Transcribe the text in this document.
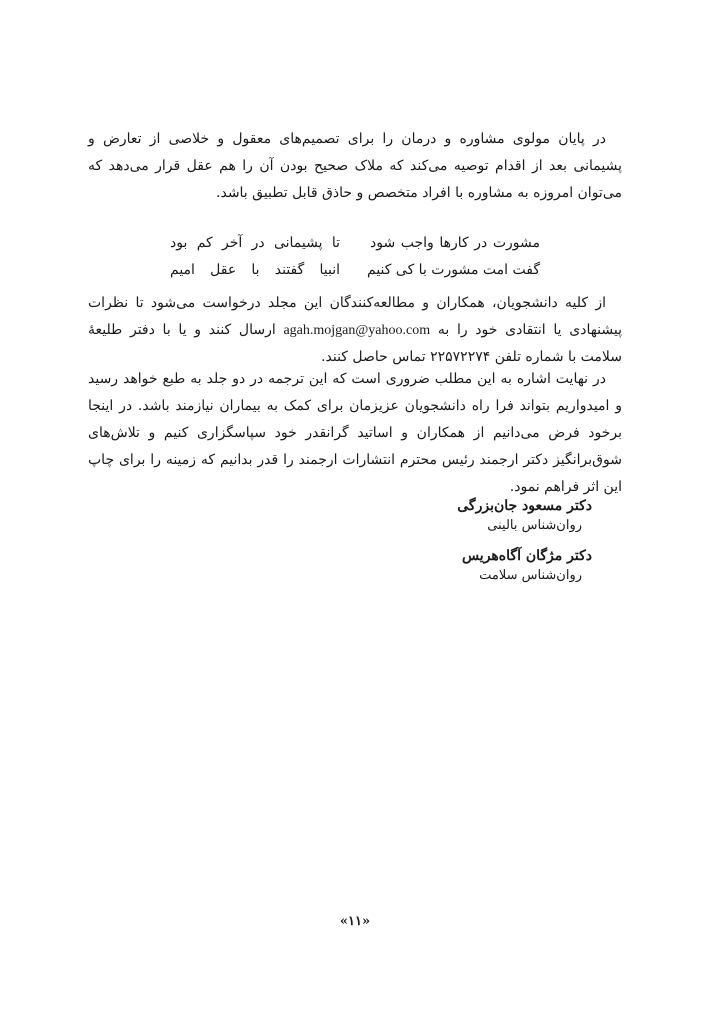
در پایان مولوی مشاوره و درمان را برای تصمیم‌های معقول و خلاصی از تعارض و پشیمانی بعد از اقدام توصیه می‌کند که ملاک صحیح بودن آن را هم عقل قرار می‌دهد که می‌توان امروزه به مشاوره با افراد متخصص و حاذق قابل تطبیق باشد.

مشورت در کارها واجب شود
تا پشیمانی در آخر کم بود
گفت امت مشورت با کی کنیم
انبیا گفتند با عقل امیم

از کلیه دانشجویان، همکاران و مطالعه‌کنندگان این مجلد درخواست می‌شود تا نظرات پیشنهادی یا انتقادی خود را به agah.mojgan@yahoo.com ارسال کنند و یا با دفتر طلیعهٔ سلامت با شماره تلفن ۲۲۵۷۲۲۷۴ تماس حاصل کنند.

در نهایت اشاره به این مطلب ضروری است که این ترجمه در دو جلد به طبع خواهد رسید و امیدواریم بتواند فرا راه دانشجویان عزیزمان برای کمک به بیماران نیازمند باشد. در اینجا برخود فرض می‌دانیم از همکاران و اساتید گرانقدر خود سپاسگزاری کنیم و تلاش‌های شوق‌برانگیز دکتر ارجمند رئیس محترم انتشارات ارجمند را قدر بدانیم که زمینه را برای چاپ این اثر فراهم نمود.

دکتر مسعود جان‌بزرگی
روان‌شناس بالینی
دکتر مژگان آگاه‌هریس
روان‌شناس سلامت
«۱۱»
